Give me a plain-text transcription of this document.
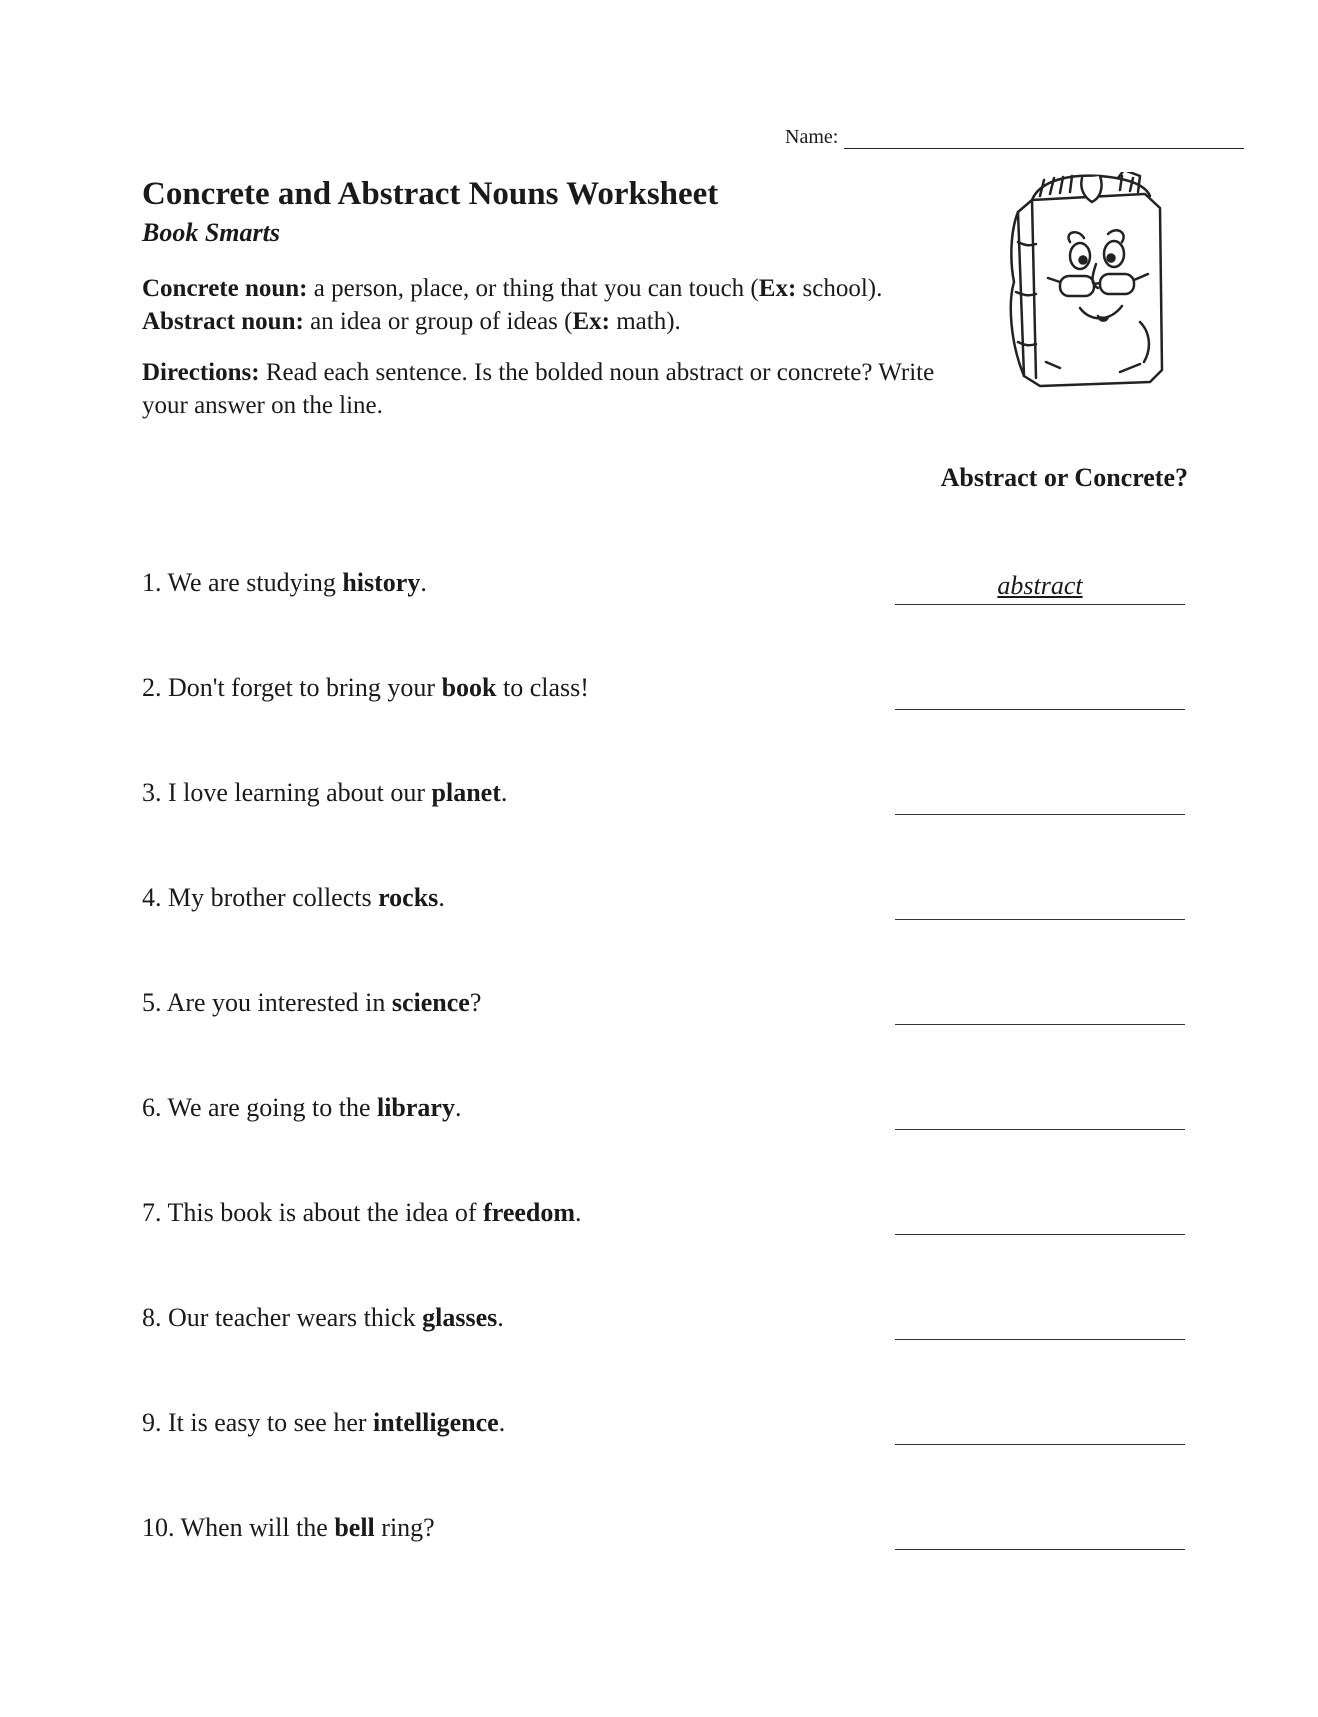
Name:
Concrete and Abstract Nouns Worksheet
Book Smarts
Concrete noun: a person, place, or thing that you can touch (Ex: school).
Abstract noun: an idea or group of ideas (Ex: math).
Directions: Read each sentence. Is the bolded noun abstract or concrete? Write your answer on the line.
Abstract or Concrete?
1. We are studying history.	abstract
2. Don't forget to bring your book to class!
3. I love learning about our planet.
4. My brother collects rocks.
5. Are you interested in science?
6. We are going to the library.
7. This book is about the idea of freedom.
8. Our teacher wears thick glasses.
9. It is easy to see her intelligence.
10. When will the bell ring?
